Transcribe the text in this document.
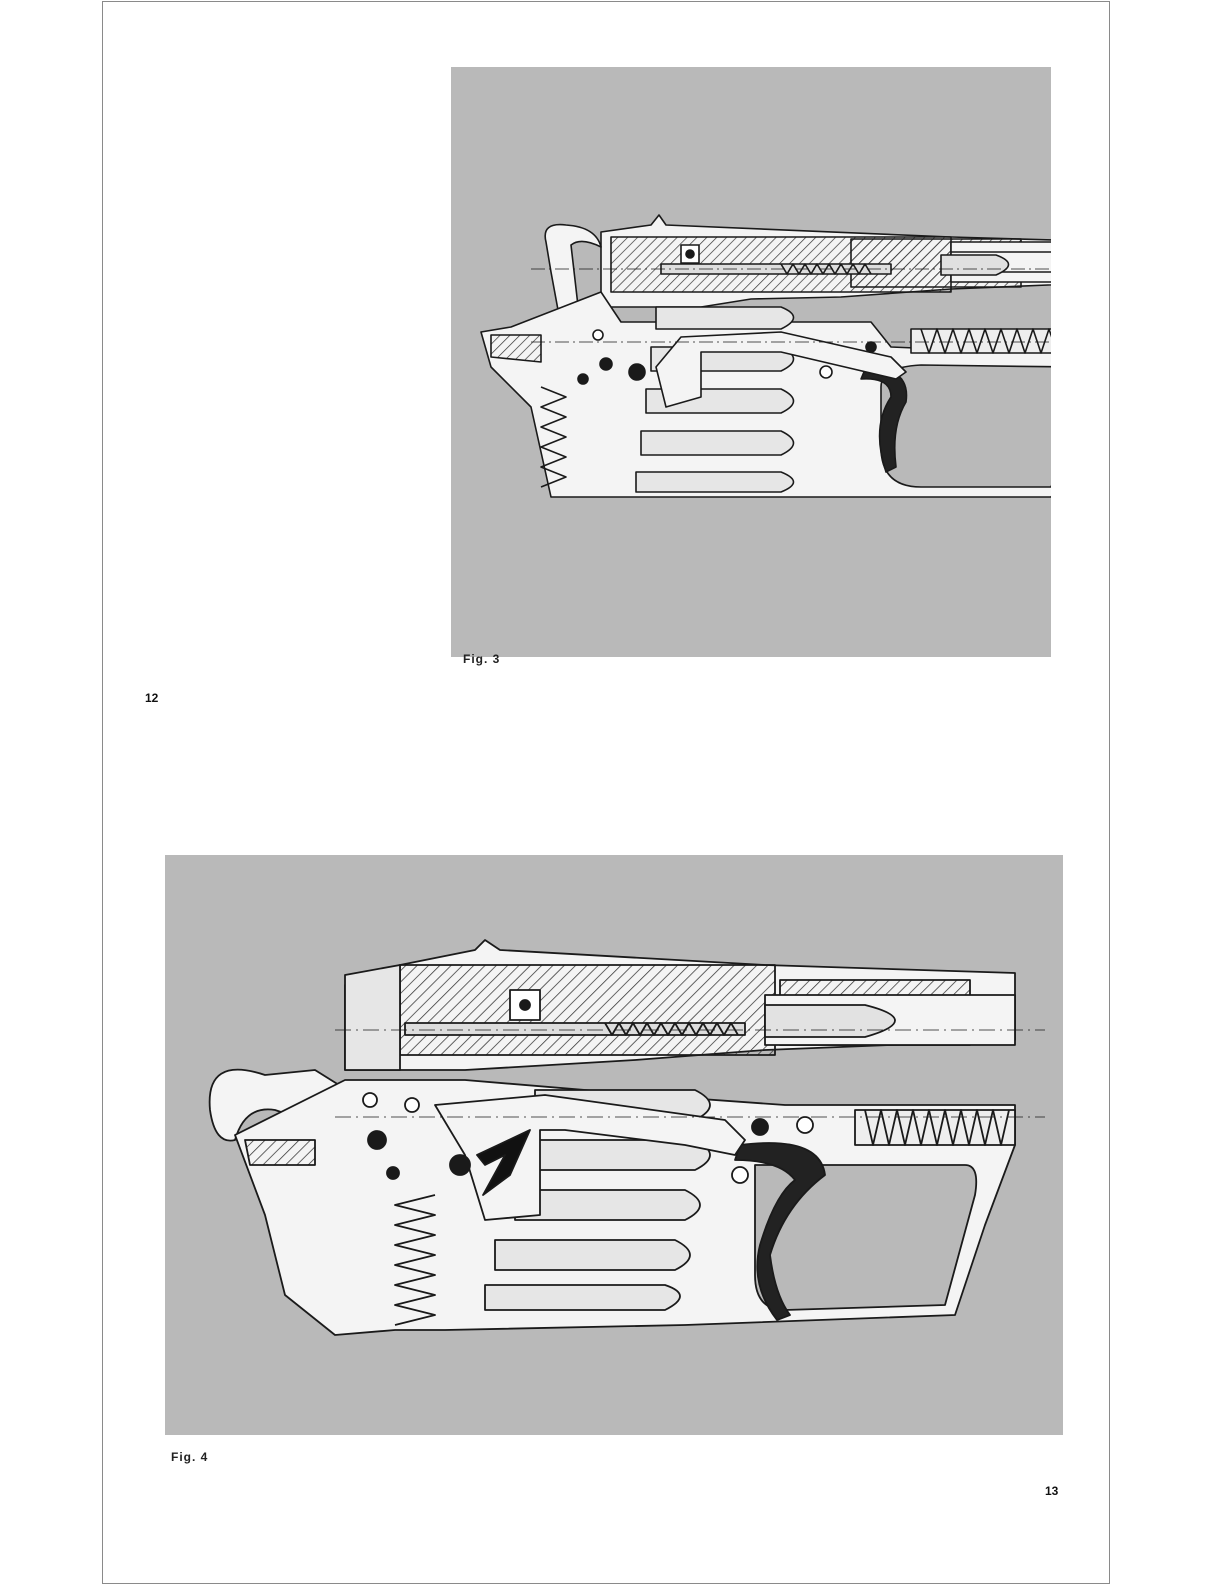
Fig. 3
12
Fig. 4
13
